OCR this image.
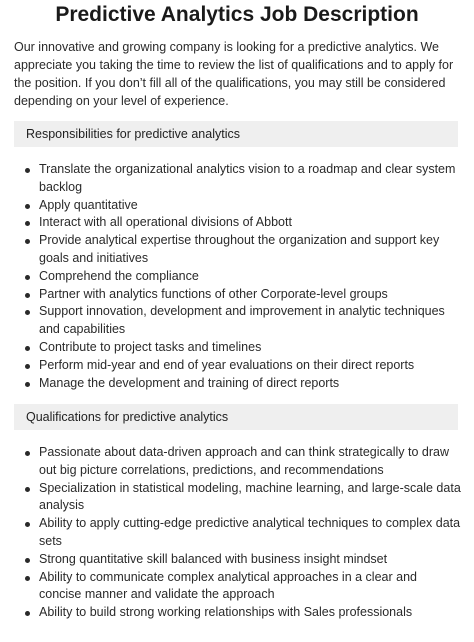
Predictive Analytics Job Description

Our innovative and growing company is looking for a predictive analytics. We appreciate you taking the time to review the list of qualifications and to apply for the position. If you don’t fill all of the qualifications, you may still be considered depending on your level of experience.

Responsibilities for predictive analytics
Translate the organizational analytics vision to a roadmap and clear system backlog
Apply quantitative
Interact with all operational divisions of Abbott
Provide analytical expertise throughout the organization and support key goals and initiatives
Comprehend the compliance
Partner with analytics functions of other Corporate-level groups
Support innovation, development and improvement in analytic techniques and capabilities
Contribute to project tasks and timelines
Perform mid-year and end of year evaluations on their direct reports
Manage the development and training of direct reports
Qualifications for predictive analytics
Passionate about data-driven approach and can think strategically to draw out big picture correlations, predictions, and recommendations
Specialization in statistical modeling, machine learning, and large-scale data analysis
Ability to apply cutting-edge predictive analytical techniques to complex data sets
Strong quantitative skill balanced with business insight mindset
Ability to communicate complex analytical approaches in a clear and concise manner and validate the approach
Ability to build strong working relationships with Sales professionals
